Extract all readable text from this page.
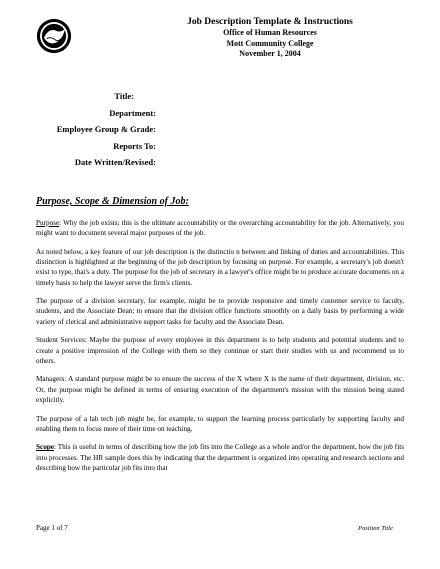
Job Description Template & Instructions
Office of Human Resources
Mott Community College
November 1, 2004
Title:
Department:
Employee Group & Grade:
Reports To:
Date Written/Revised:
Purpose, Scope & Dimension of Job:

Purpose: Why the job exists; this is the ultimate accountability or the overarching accountability for the job. Alternatively, you might want to document several major purposes of the job.

As noted below, a key feature of our job description is the distinctio n between and linking of duties and accountabilities. This distinction is highlighted at the beginning of the job description by focusing on purpose. For example, a secretary's job doesn't exist to type, that's a duty. The purpose for the job of secretary in a lawyer's office might be to produce accurate documents on a timely basis to help the lawyer serve the firm's clients.

The purpose of a division secretary, for example, might be to provide responsive and timely customer service to faculty, students, and the Associate Dean; to ensure that the division office functions smoothly on a daily basis by performing a wide variety of clerical and administrative support tasks for faculty and the Associate Dean.

Student Services: Maybe the purpose of every employee in this department is to help students and potential students and to create a positive impression of the College with them so they continue or start their studies with us and recommend us to others.

Managers: A standard purpose might be to ensure the success of the X where X is the name of their department, division, etc. Or, the purpose might be defined in terms of ensuring execution of the department's mission with the mission being stated explicitly.

The purpose of a lab tech job might be, for example, to support the learning process particularly by supporting faculty and enabling them to focus more of their time on teaching.

Scope: This is useful in terms of describing how the job fits into the College as a whole and/or the department, how the job fits into processes. The HR sample does this by indicating that the department is organized into operating and research sections and describing how the particular job fits into that

Page 1 of 7	Position Title
